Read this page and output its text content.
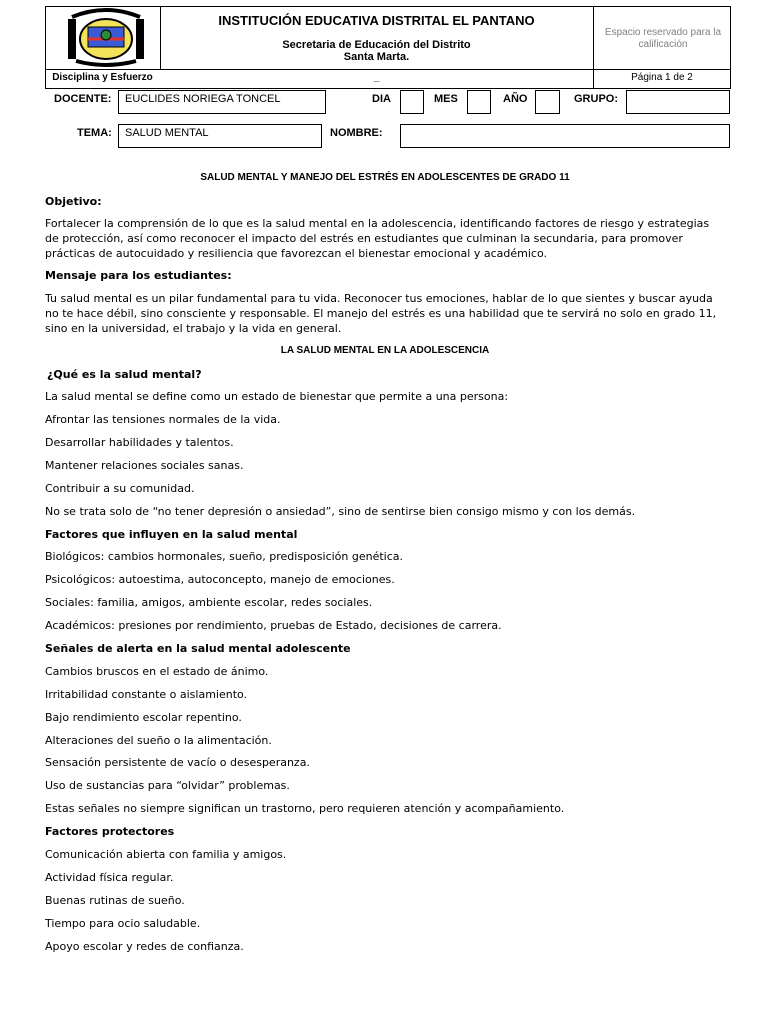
INSTITUCIÓN EDUCATIVA DISTRITAL EL PANTANO
Secretaria de Educación del Distrito
Santa Marta.
Espacio reservado para la calificación
Disciplina y Esfuerzo	_	Página 1 de 2
DOCENTE:	EUCLIDES NORIEGA TONCEL	DIA	MES	AÑO	GRUPO:
TEMA:	SALUD MENTAL	NOMBRE:
SALUD MENTAL Y MANEJO DEL ESTRÉS EN ADOLESCENTES DE GRADO 11

Objetivo:

Fortalecer la comprensión de lo que es la salud mental en la adolescencia, identificando factores de riesgo y estrategias de protección, así como reconocer el impacto del estrés en estudiantes que culminan la secundaria, para promover prácticas de autocuidado y resiliencia que favorezcan el bienestar emocional y académico.

Mensaje para los estudiantes:

Tu salud mental es un pilar fundamental para tu vida. Reconocer tus emociones, hablar de lo que sientes y buscar ayuda no te hace débil, sino consciente y responsable. El manejo del estrés es una habilidad que te servirá no solo en grado 11, sino en la universidad, el trabajo y la vida en general.

LA SALUD MENTAL EN LA ADOLESCENCIA

¿Qué es la salud mental?

La salud mental se define como un estado de bienestar que permite a una persona:

Afrontar las tensiones normales de la vida.

Desarrollar habilidades y talentos.

Mantener relaciones sociales sanas.

Contribuir a su comunidad.

No se trata solo de “no tener depresión o ansiedad”, sino de sentirse bien consigo mismo y con los demás.

Factores que influyen en la salud mental

Biológicos: cambios hormonales, sueño, predisposición genética.

Psicológicos: autoestima, autoconcepto, manejo de emociones.

Sociales: familia, amigos, ambiente escolar, redes sociales.

Académicos: presiones por rendimiento, pruebas de Estado, decisiones de carrera.

Señales de alerta en la salud mental adolescente

Cambios bruscos en el estado de ánimo.

Irritabilidad constante o aislamiento.

Bajo rendimiento escolar repentino.

Alteraciones del sueño o la alimentación.

Sensación persistente de vacío o desesperanza.

Uso de sustancias para “olvidar” problemas.

Estas señales no siempre significan un trastorno, pero requieren atención y acompañamiento.

Factores protectores

Comunicación abierta con familia y amigos.

Actividad física regular.

Buenas rutinas de sueño.

Tiempo para ocio saludable.

Apoyo escolar y redes de confianza.
